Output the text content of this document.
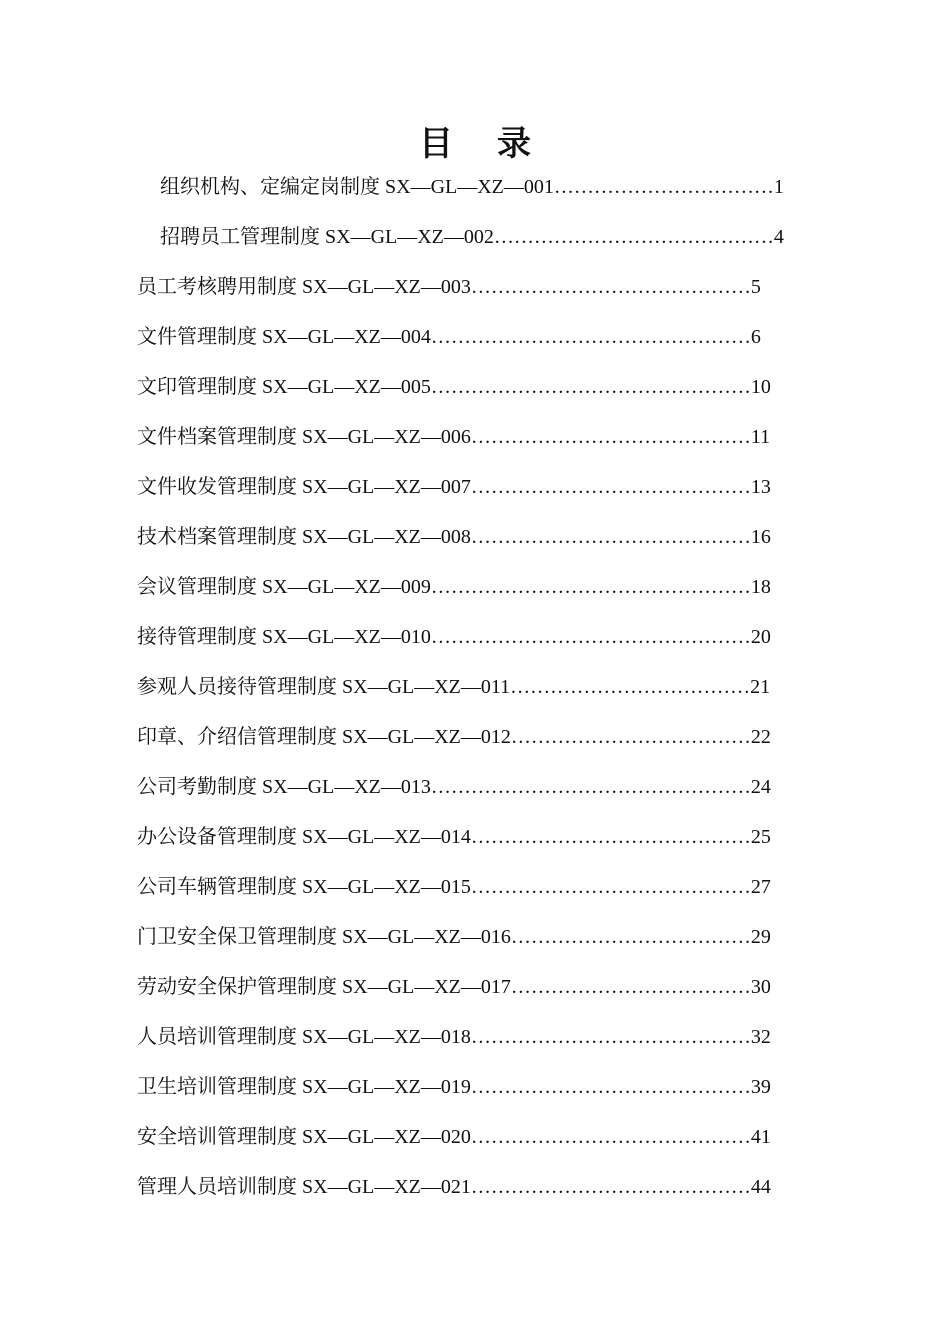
目 录
组织机构、定编定岗制度 SX—GL—XZ—001……………………………1
招聘员工管理制度 SX—GL—XZ—002……………………………………4
员工考核聘用制度 SX—GL—XZ—003……………………………………5
文件管理制度 SX—GL—XZ—004…………………………………………6
文印管理制度 SX—GL—XZ—005…………………………………………10
文件档案管理制度 SX—GL—XZ—006……………………………………11
文件收发管理制度 SX—GL—XZ—007……………………………………13
技术档案管理制度 SX—GL—XZ—008……………………………………16
会议管理制度 SX—GL—XZ—009…………………………………………18
接待管理制度 SX—GL—XZ—010…………………………………………20
参观人员接待管理制度 SX—GL—XZ—011………………………………21
印章、介绍信管理制度 SX—GL—XZ—012………………………………22
公司考勤制度 SX—GL—XZ—013…………………………………………24
办公设备管理制度 SX—GL—XZ—014……………………………………25
公司车辆管理制度 SX—GL—XZ—015……………………………………27
门卫安全保卫管理制度 SX—GL—XZ—016………………………………29
劳动安全保护管理制度 SX—GL—XZ—017………………………………30
人员培训管理制度 SX—GL—XZ—018……………………………………32
卫生培训管理制度 SX—GL—XZ—019……………………………………39
安全培训管理制度 SX—GL—XZ—020……………………………………41
管理人员培训制度 SX—GL—XZ—021……………………………………44
